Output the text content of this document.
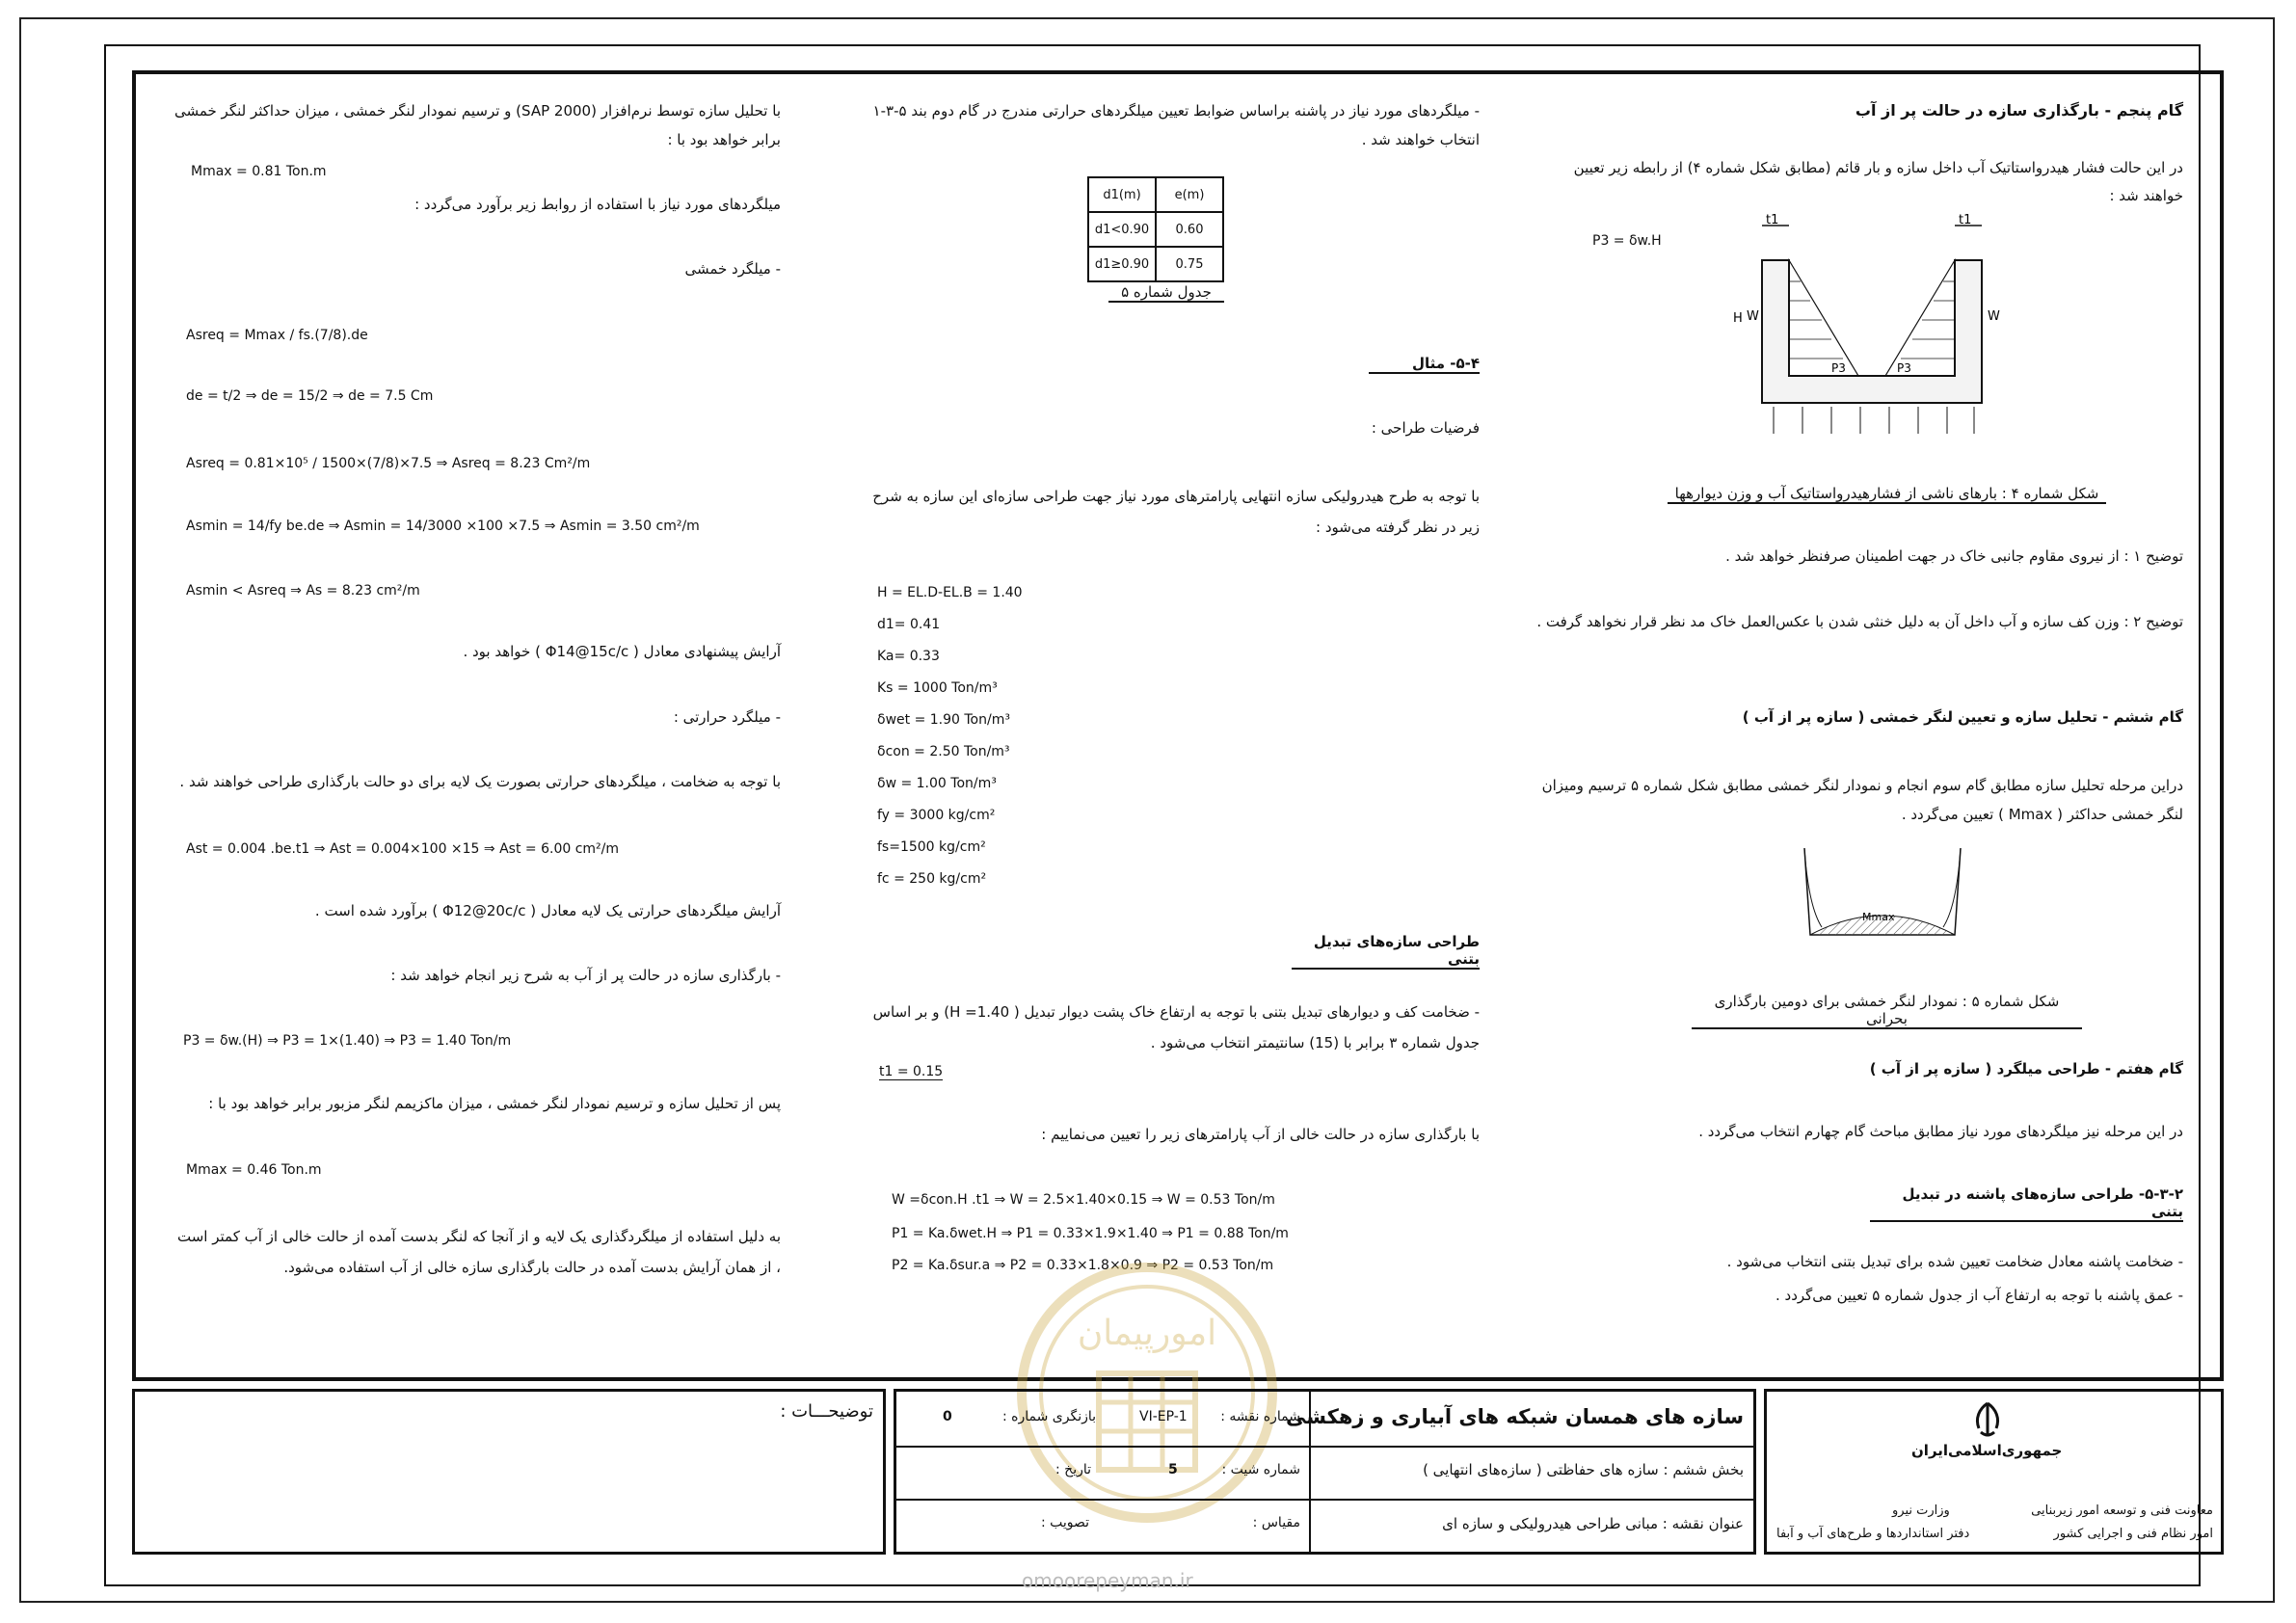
گام پنجم - بارگذاری سازه در حالت پر از آب

در این حالت فشار هیدرواستاتیک آب داخل سازه و بار قائم (مطابق شکل شماره ۴) از رابطه زیر تعیین خواهند شد :

P3 = δw.H
t1	t1
W	W
H
P3	P3
شکل شماره ۴ : بارهای ناشی از فشارهیدرواستاتیک آب و وزن دیوارهها
توضیح ۱ : از نیروی مقاوم جانبی خاک در جهت اطمینان صرفنظر خواهد شد .
توضیح ۲ : وزن کف سازه و آب داخل آن به دلیل خنثی شدن با عکس‌العمل خاک مد نظر قرار نخواهد گرفت .
گام ششم - تحلیل سازه و تعیین لنگر خمشی ( سازه پر از آب )
دراین مرحله تحلیل سازه مطابق گام سوم انجام و نمودار لنگر خمشی مطابق شکل شماره ۵ ترسیم ومیزان لنگر خمشی حداکثر ( Mmax ) تعیین می‌گردد .
Mmax
شکل شماره ۵ : نمودار لنگر خمشی برای دومین بارگذاری بحرانی
گام هفتم - طراحی میلگرد ( سازه پر از آب )
در این مرحله نیز میلگردهای مورد نیاز مطابق مباحث گام چهارم انتخاب می‌گردد .
۵-۳-۲- طراحی سازه‌های پاشنه در تبدیل بتنی
- ضخامت پاشنه معادل ضخامت تعیین شده برای تبدیل بتنی انتخاب می‌شود .
- عمق پاشنه با توجه به ارتفاع آب از جدول شماره ۵ تعیین می‌گردد .
- میلگردهای مورد نیاز در پاشنه براساس ضوابط تعیین میلگردهای حرارتی مندرج در گام دوم بند ۵-۳-۱ انتخاب خواهند شد .
d1(m)	e(m)
d1<0.90	0.60
d1≥0.90	0.75
جدول شماره ۵
۵-۴- مثال
فرضیات طراحی :
با توجه به طرح هیدرولیکی سازه انتهایی پارامترهای مورد نیاز جهت طراحی سازه‌ای این سازه به شرح زیر در نظر گرفته می‌شود :
H = EL.D-EL.B = 1.40
d1= 0.41
Ka= 0.33
Ks = 1000 Ton/m³
δwet = 1.90 Ton/m³
δcon = 2.50 Ton/m³
δw = 1.00 Ton/m³
fy = 3000 kg/cm²
fs=1500 kg/cm²
fc = 250 kg/cm²
طراحی سازه‌های تبدیل بتنی
- ضخامت کف و دیوارهای تبدیل بتنی با توجه به ارتفاع خاک پشت دیوار تبدیل ( H =1.40) و بر اساس جدول شماره ۳ برابر با (15) سانتیمتر انتخاب می‌شود .
t1 = 0.15
با بارگذاری سازه در حالت خالی از آب پارامترهای زیر را تعیین می‌نماییم :
W =δcon.H .t1 ⇒ W = 2.5×1.40×0.15 ⇒ W = 0.53 Ton/m
P1 = Ka.δwet.H ⇒ P1 = 0.33×1.9×1.40 ⇒ P1 = 0.88 Ton/m
P2 = Ka.δsur.a ⇒ P2 = 0.33×1.8×0.9 ⇒ P2 = 0.53 Ton/m
با تحلیل سازه توسط نرم‌افزار (SAP 2000) و ترسیم نمودار لنگر خمشی ، میزان حداکثر لنگر خمشی برابر خواهد بود با :
Mmax = 0.81 Ton.m
میلگردهای مورد نیاز با استفاده از روابط زیر برآورد می‌گردد :
- میلگرد خمشی
Asreq = Mmax / fs.(7/8).de
de = t/2 ⇒ de = 15/2 ⇒ de = 7.5 Cm
Asreq = 0.81×10⁵ / 1500×(7/8)×7.5 ⇒ Asreq = 8.23 Cm²/m
Asmin = 14/fy be.de ⇒ Asmin = 14/3000 ×100 ×7.5 ⇒ Asmin = 3.50 cm²/m
Asmin < Asreq ⇒ As = 8.23 cm²/m
آرایش پیشنهادی معادل ( Φ14@15c/c ) خواهد بود .
- میلگرد حرارتی :
با توجه به ضخامت ، میلگردهای حرارتی بصورت یک لایه برای دو حالت بارگذاری طراحی خواهند شد .
Ast = 0.004 .be.t1 ⇒ Ast = 0.004×100 ×15 ⇒ Ast = 6.00 cm²/m
آرایش میلگردهای حرارتی یک لایه معادل ( Φ12@20c/c ) برآورد شده است .
- بارگذاری سازه در حالت پر از آب به شرح زیر انجام خواهد شد :
P3 = δw.(H) ⇒ P3 = 1×(1.40) ⇒ P3 = 1.40 Ton/m
پس از تحلیل سازه و ترسیم نمودار لنگر خمشی ، میزان ماکزیمم لنگر مزبور برابر خواهد بود با :
Mmax = 0.46 Ton.m
به دلیل استفاده از میلگردگذاری یک لایه و از آنجا که لنگر بدست آمده از حالت خالی از آب کمتر است ، از همان آرایش بدست آمده در حالت بارگذاری سازه خالی از آب استفاده می‌شود.
امورپیمان
omoorepeyman.ir
جمهوری‌اسلامی‌ایران
معاونت فنی و توسعه امور زیربنایی
وزارت نیرو
امور نظام فنی و اجرایی کشور
دفتر استانداردها و طرح‌های آب و آبفا
سازه های همسان شبکه های آبیاری و زهکشی
بخش ششم : سازه های حفاظتی ( سازه‌های انتهایی )
عنوان نقشه : مبانی طراحی هیدرولیکی و سازه ای
شماره نقشه :
VI-EP-1
بازنگری شماره :
0
شماره شیت :
5
تاریخ :
مقیاس :
تصویب :
توضیحـــات :
